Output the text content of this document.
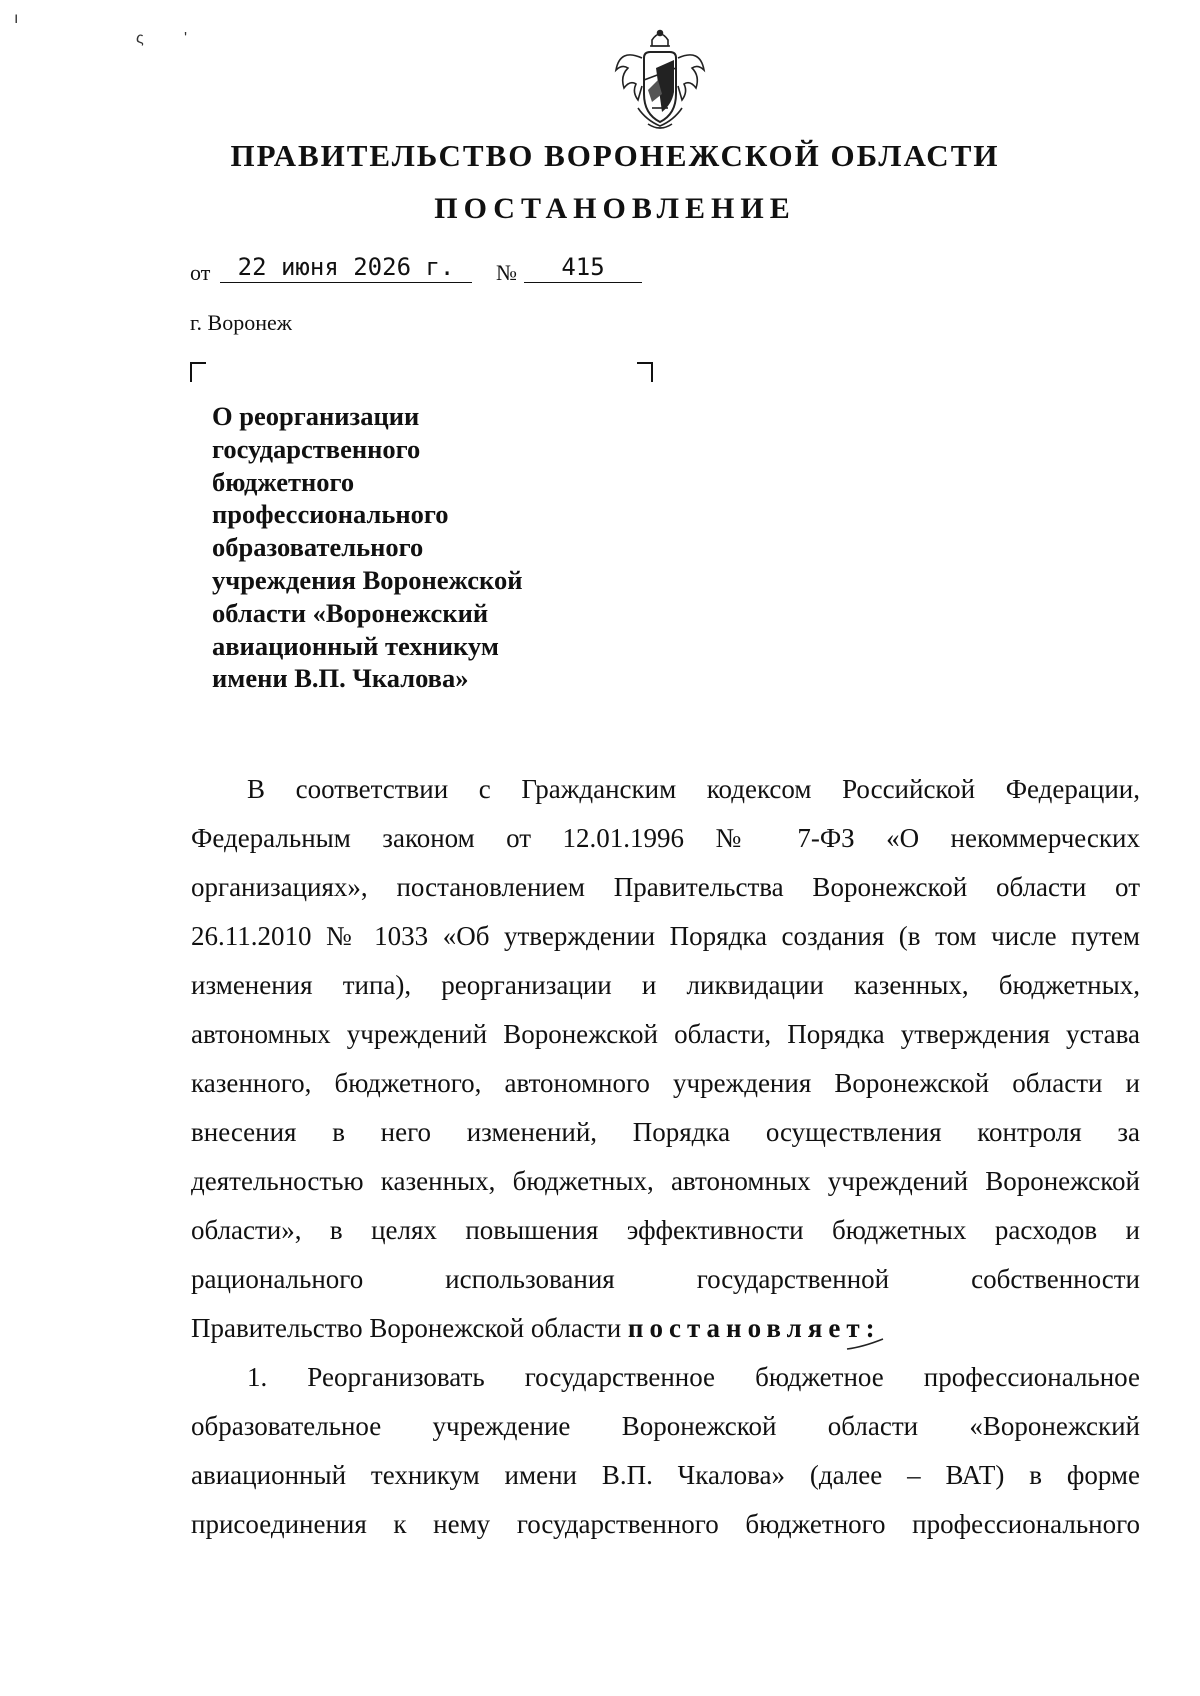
ı
ς	'
ПРАВИТЕЛЬСТВО ВОРОНЕЖСКОЙ ОБЛАСТИ
ПОСТАНОВЛЕНИЕ
от	22 июня 2026 г.	№	415
г. Воронеж
О реорганизации
государственного
бюджетного
профессионального
образовательного
учреждения Воронежской
области «Воронежский
авиационный техникум
имени В.П. Чкалова»
В соответствии с Гражданским кодексом Российской Федерации,
Федеральным законом от 12.01.1996 № 7-ФЗ «О некоммерческих
организациях», постановлением Правительства Воронежской области от
26.11.2010 № 1033 «Об утверждении Порядка создания (в том числе путем
изменения типа), реорганизации и ликвидации казенных, бюджетных,
автономных учреждений Воронежской области, Порядка утверждения устава
казенного, бюджетного, автономного учреждения Воронежской области и
внесения в него изменений, Порядка осуществления контроля за
деятельностью казенных, бюджетных, автономных учреждений Воронежской
области», в целях повышения эффективности бюджетных расходов и
рационального использования государственной собственности
Правительство Воронежской области постановляет:
1. Реорганизовать государственное бюджетное профессиональное
образовательное учреждение Воронежской области «Воронежский
авиационный техникум имени В.П. Чкалова» (далее – ВАТ) в форме
присоединения к нему государственного бюджетного профессионального
